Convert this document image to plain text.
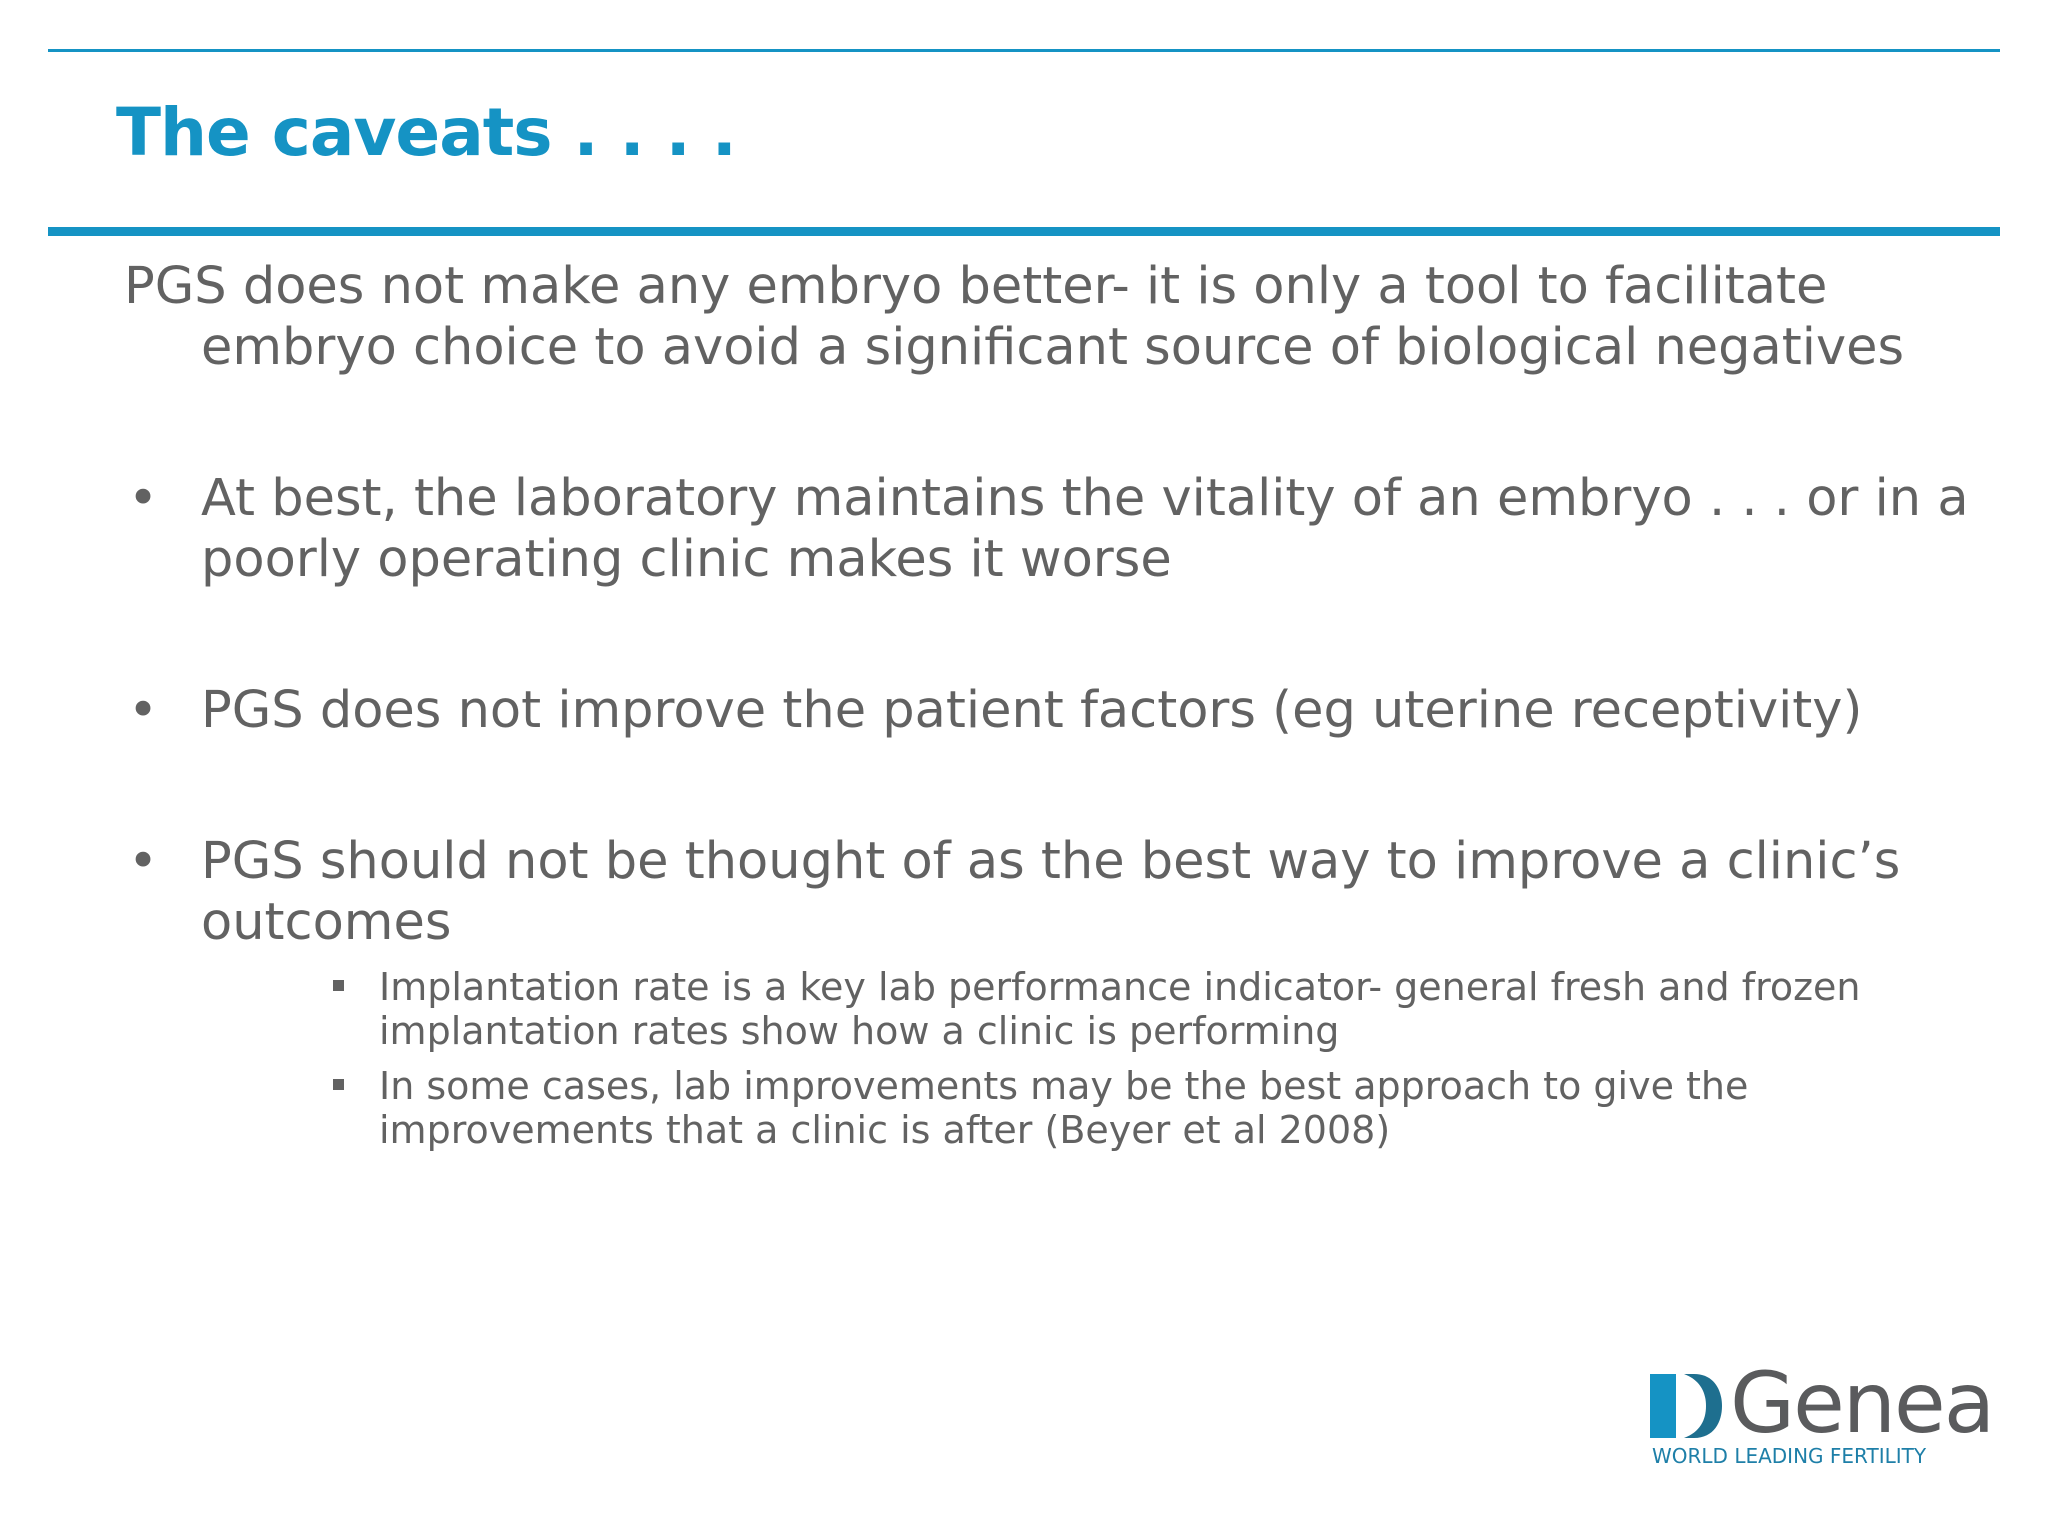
The caveats . . . .

PGS does not make any embryo better- it is only a tool to facilitate embryo choice to avoid a significant source of biological negatives

• At best, the laboratory maintains the vitality of an embryo . . . or in a poorly operating clinic makes it worse
• PGS does not improve the patient factors (eg uterine receptivity)
• PGS should not be thought of as the best way to improve a clinic’s outcomes
Implantation rate is a key lab performance indicator- general fresh and frozen implantation rates show how a clinic is performing
In some cases, lab improvements may be the best approach to give the improvements that a clinic is after (Beyer et al 2008)
Genea
WORLD LEADING FERTILITY
